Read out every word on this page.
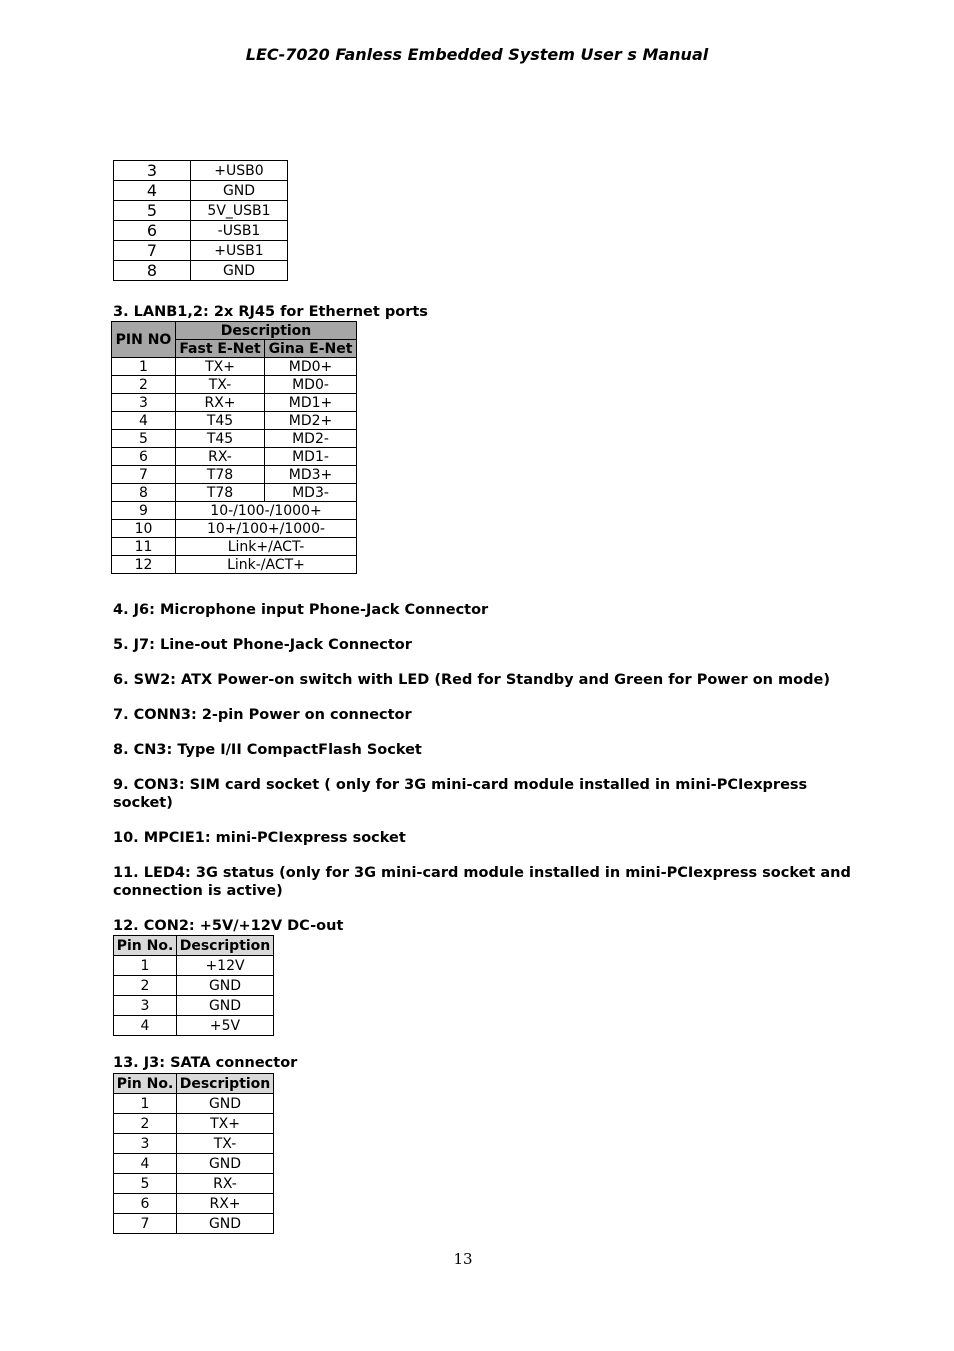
LEC-7020 Fanless Embedded System User s Manual
3	+USB0
4	GND
5	5V_USB1
6	-USB1
7	+USB1
8	GND
3. LANB1,2: 2x RJ45 for Ethernet ports
PIN NO	Description	
	Fast E-Net	Gina E-Net
1	TX+	MD0+
2	TX-	MD0-
3	RX+	MD1+
4	T45	MD2+
5	T45	MD2-
6	RX-	MD1-
7	T78	MD3+
8	T78	MD3-
9	10-/100-/1000+	
10	10+/100+/1000-	
11	Link+/ACT-	
12	Link-/ACT+	
4. J6: Microphone input Phone-Jack Connector
5. J7: Line-out Phone-Jack Connector
6. SW2: ATX Power-on switch with LED (Red for Standby and Green for Power on mode)
7. CONN3: 2-pin Power on connector
8. CN3: Type I/II CompactFlash Socket
9. CON3: SIM card socket ( only for 3G mini-card module installed in mini-PCIexpress
socket)
10. MPCIE1: mini-PCIexpress socket
11. LED4: 3G status (only for 3G mini-card module installed in mini-PCIexpress socket and
connection is active)
12. CON2: +5V/+12V DC-out
Pin No.	Description
1	+12V
2	GND
3	GND
4	+5V
13. J3: SATA connector
Pin No.	Description
1	GND
2	TX+
3	TX-
4	GND
5	RX-
6	RX+
7	GND
13
